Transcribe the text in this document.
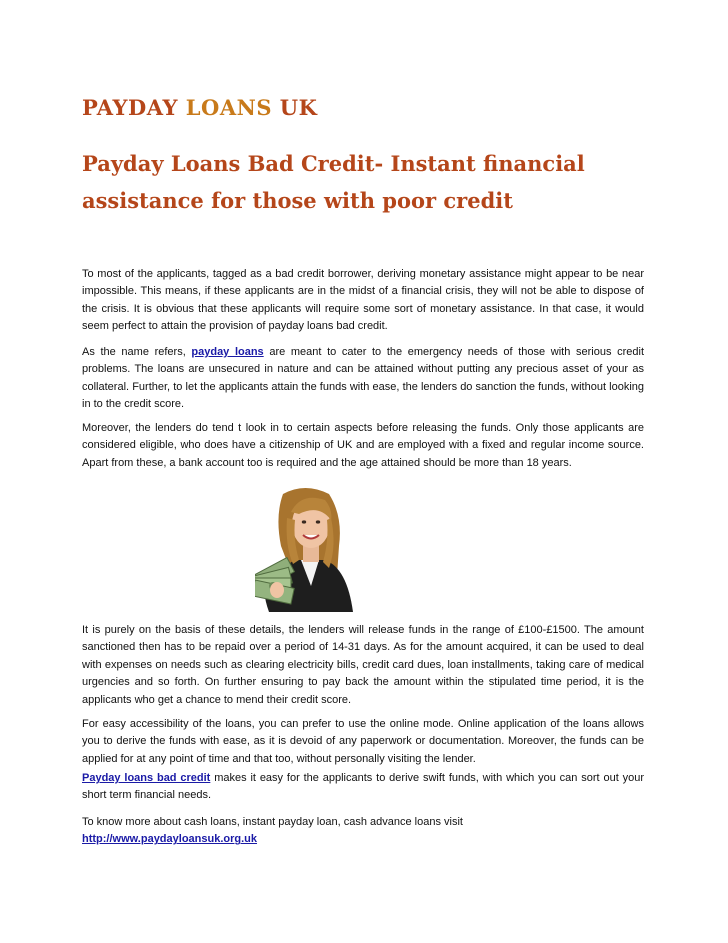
PAYDAY LOANS UK
Payday Loans Bad Credit- Instant financial assistance for those with poor credit

To most of the applicants, tagged as a bad credit borrower, deriving monetary assistance might appear to be near impossible. This means, if these applicants are in the midst of a financial crisis, they will not be able to dispose of the crisis. It is obvious that these applicants will require some sort of monetary assistance. In that case, it would seem perfect to attain the provision of payday loans bad credit.

As the name refers, payday loans are meant to cater to the emergency needs of those with serious credit problems. The loans are unsecured in nature and can be attained without putting any precious asset of your as collateral. Further, to let the applicants attain the funds with ease, the lenders do sanction the funds, without looking in to the credit score.

Moreover, the lenders do tend t look in to certain aspects before releasing the funds. Only those applicants are considered eligible, who does have a citizenship of UK and are employed with a fixed and regular income source. Apart from these, a bank account too is required and the age attained should be more than 18 years.

It is purely on the basis of these details, the lenders will release funds in the range of £100-£1500. The amount sanctioned then has to be repaid over a period of 14-31 days. As for the amount acquired, it can be used to deal with expenses on needs such as clearing electricity bills, credit card dues, loan installments, taking care of medical urgencies and so forth. On further ensuring to pay back the amount within the stipulated time period, it is the applicants who get a chance to mend their credit score.

For easy accessibility of the loans, you can prefer to use the online mode. Online application of the loans allows you to derive the funds with ease, as it is devoid of any paperwork or documentation. Moreover, the funds can be applied for at any point of time and that too, without personally visiting the lender.

Payday loans bad credit makes it easy for the applicants to derive swift funds, with which you can sort out your short term financial needs.

To know more about cash loans, instant payday loan, cash advance loans visit
http://www.paydayloansuk.org.uk
